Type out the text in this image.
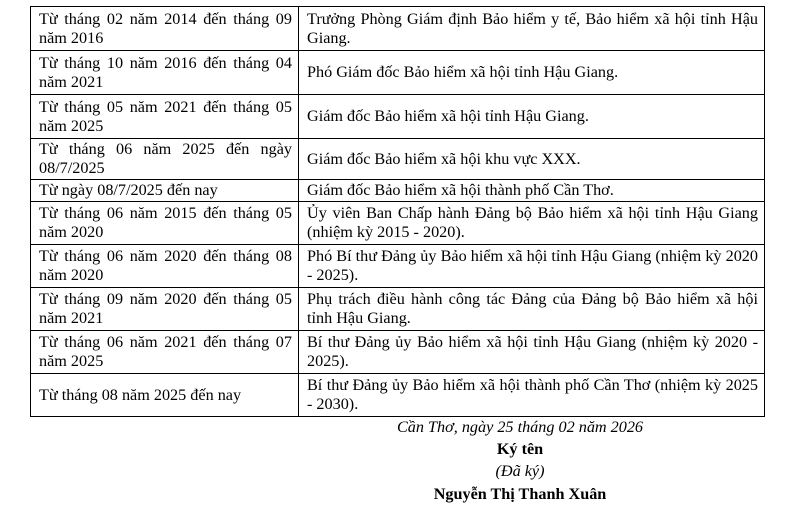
Từ tháng 02 năm 2014 đến tháng 09 năm 2016	Trưởng Phòng Giám định Bảo hiểm y tế, Bảo hiểm xã hội tỉnh Hậu Giang.
Từ tháng 10 năm 2016 đến tháng 04 năm 2021	Phó Giám đốc Bảo hiểm xã hội tỉnh Hậu Giang.
Từ tháng 05 năm 2021 đến tháng 05 năm 2025	Giám đốc Bảo hiểm xã hội tỉnh Hậu Giang.
Từ tháng 06 năm 2025 đến ngày 08/7/2025	Giám đốc Bảo hiểm xã hội khu vực XXX.
Từ ngày 08/7/2025 đến nay	Giám đốc Bảo hiểm xã hội thành phố Cần Thơ.
Từ tháng 06 năm 2015 đến tháng 05 năm 2020	Ủy viên Ban Chấp hành Đảng bộ Bảo hiểm xã hội tỉnh Hậu Giang (nhiệm kỳ 2015 - 2020).
Từ tháng 06 năm 2020 đến tháng 08 năm 2020	Phó Bí thư Đảng ủy Bảo hiểm xã hội tỉnh Hậu Giang (nhiệm kỳ 2020 - 2025).
Từ tháng 09 năm 2020 đến tháng 05 năm 2021	Phụ trách điều hành công tác Đảng của Đảng bộ Bảo hiểm xã hội tỉnh Hậu Giang.
Từ tháng 06 năm 2021 đến tháng 07 năm 2025	Bí thư Đảng ủy Bảo hiểm xã hội tỉnh Hậu Giang (nhiệm kỳ 2020 - 2025).
Từ tháng 08 năm 2025 đến nay	Bí thư Đảng ủy Bảo hiểm xã hội thành phố Cần Thơ (nhiệm kỳ 2025 - 2030).
Cần Thơ, ngày 25 tháng 02 năm 2026
Ký tên
(Đã ký)
Nguyễn Thị Thanh Xuân
